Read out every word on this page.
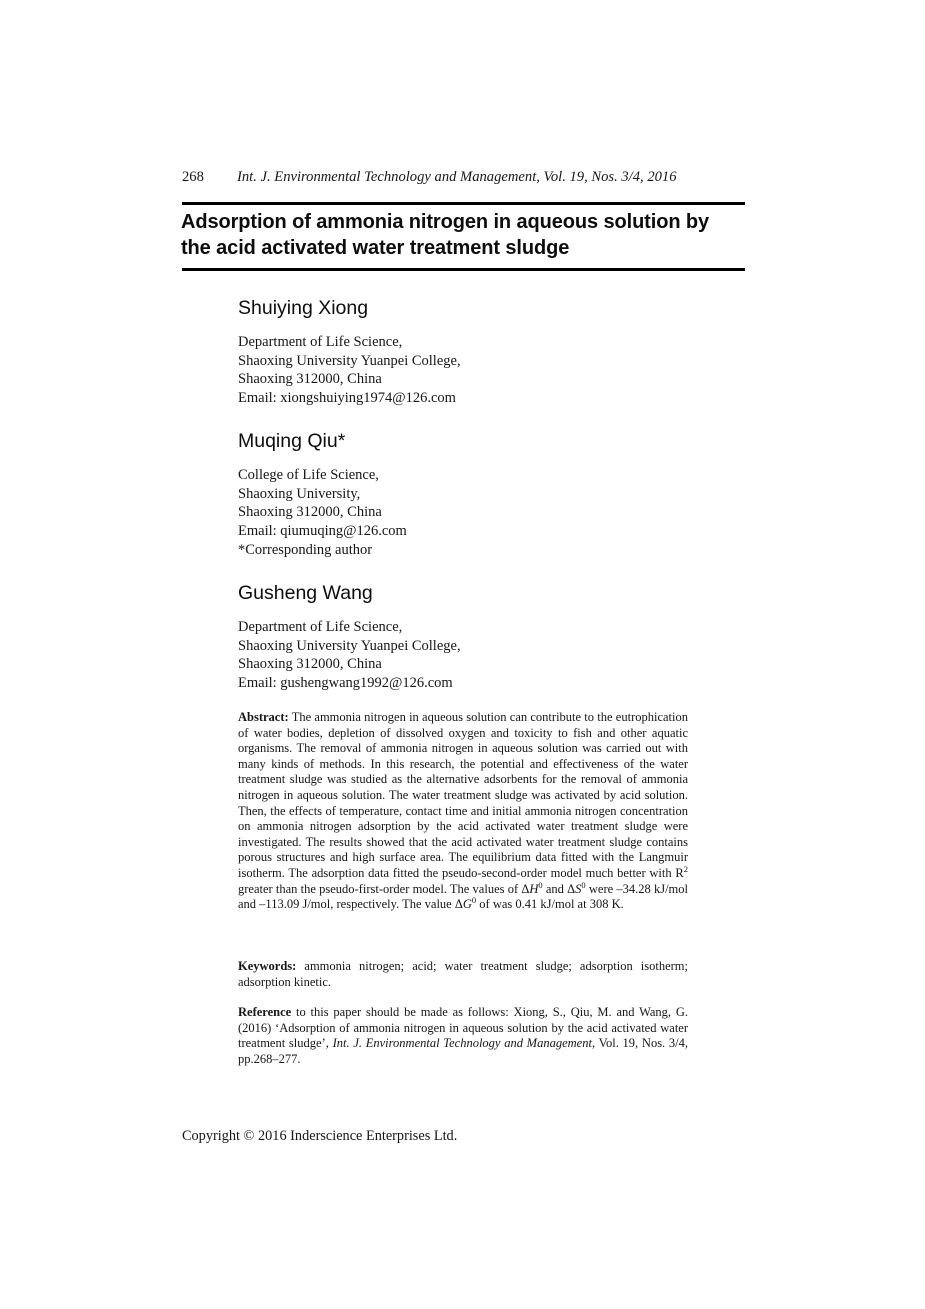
268	Int. J. Environmental Technology and Management, Vol. 19, Nos. 3/4, 2016
Adsorption of ammonia nitrogen in aqueous solution by the acid activated water treatment sludge
Shuiying Xiong
Department of Life Science,
Shaoxing University Yuanpei College,
Shaoxing 312000, China
Email: xiongshuiying1974@126.com
Muqing Qiu*
College of Life Science,
Shaoxing University,
Shaoxing 312000, China
Email: qiumuqing@126.com
*Corresponding author
Gusheng Wang
Department of Life Science,
Shaoxing University Yuanpei College,
Shaoxing 312000, China
Email: gushengwang1992@126.com

Abstract: The ammonia nitrogen in aqueous solution can contribute to the eutrophication of water bodies, depletion of dissolved oxygen and toxicity to fish and other aquatic organisms. The removal of ammonia nitrogen in aqueous solution was carried out with many kinds of methods. In this research, the potential and effectiveness of the water treatment sludge was studied as the alternative adsorbents for the removal of ammonia nitrogen in aqueous solution. The water treatment sludge was activated by acid solution. Then, the effects of temperature, contact time and initial ammonia nitrogen concentration on ammonia nitrogen adsorption by the acid activated water treatment sludge were investigated. The results showed that the acid activated water treatment sludge contains porous structures and high surface area. The equilibrium data fitted with the Langmuir isotherm. The adsorption data fitted the pseudo-second-order model much better with $R^2$ greater than the pseudo-first-order model. The values of $\Delta H^0$ and $\Delta S^0$ were –34.28 kJ/mol and –113.09 J/mol, respectively. The value $\Delta G^0$ of was 0.41 kJ/mol at 308 K.

Keywords: ammonia nitrogen; acid; water treatment sludge; adsorption isotherm; adsorption kinetic.

Reference to this paper should be made as follows: Xiong, S., Qiu, M. and Wang, G. (2016) ‘Adsorption of ammonia nitrogen in aqueous solution by the acid activated water treatment sludge’, Int. J. Environmental Technology and Management, Vol. 19, Nos. 3/4, pp.268–277.

Copyright © 2016 Inderscience Enterprises Ltd.
